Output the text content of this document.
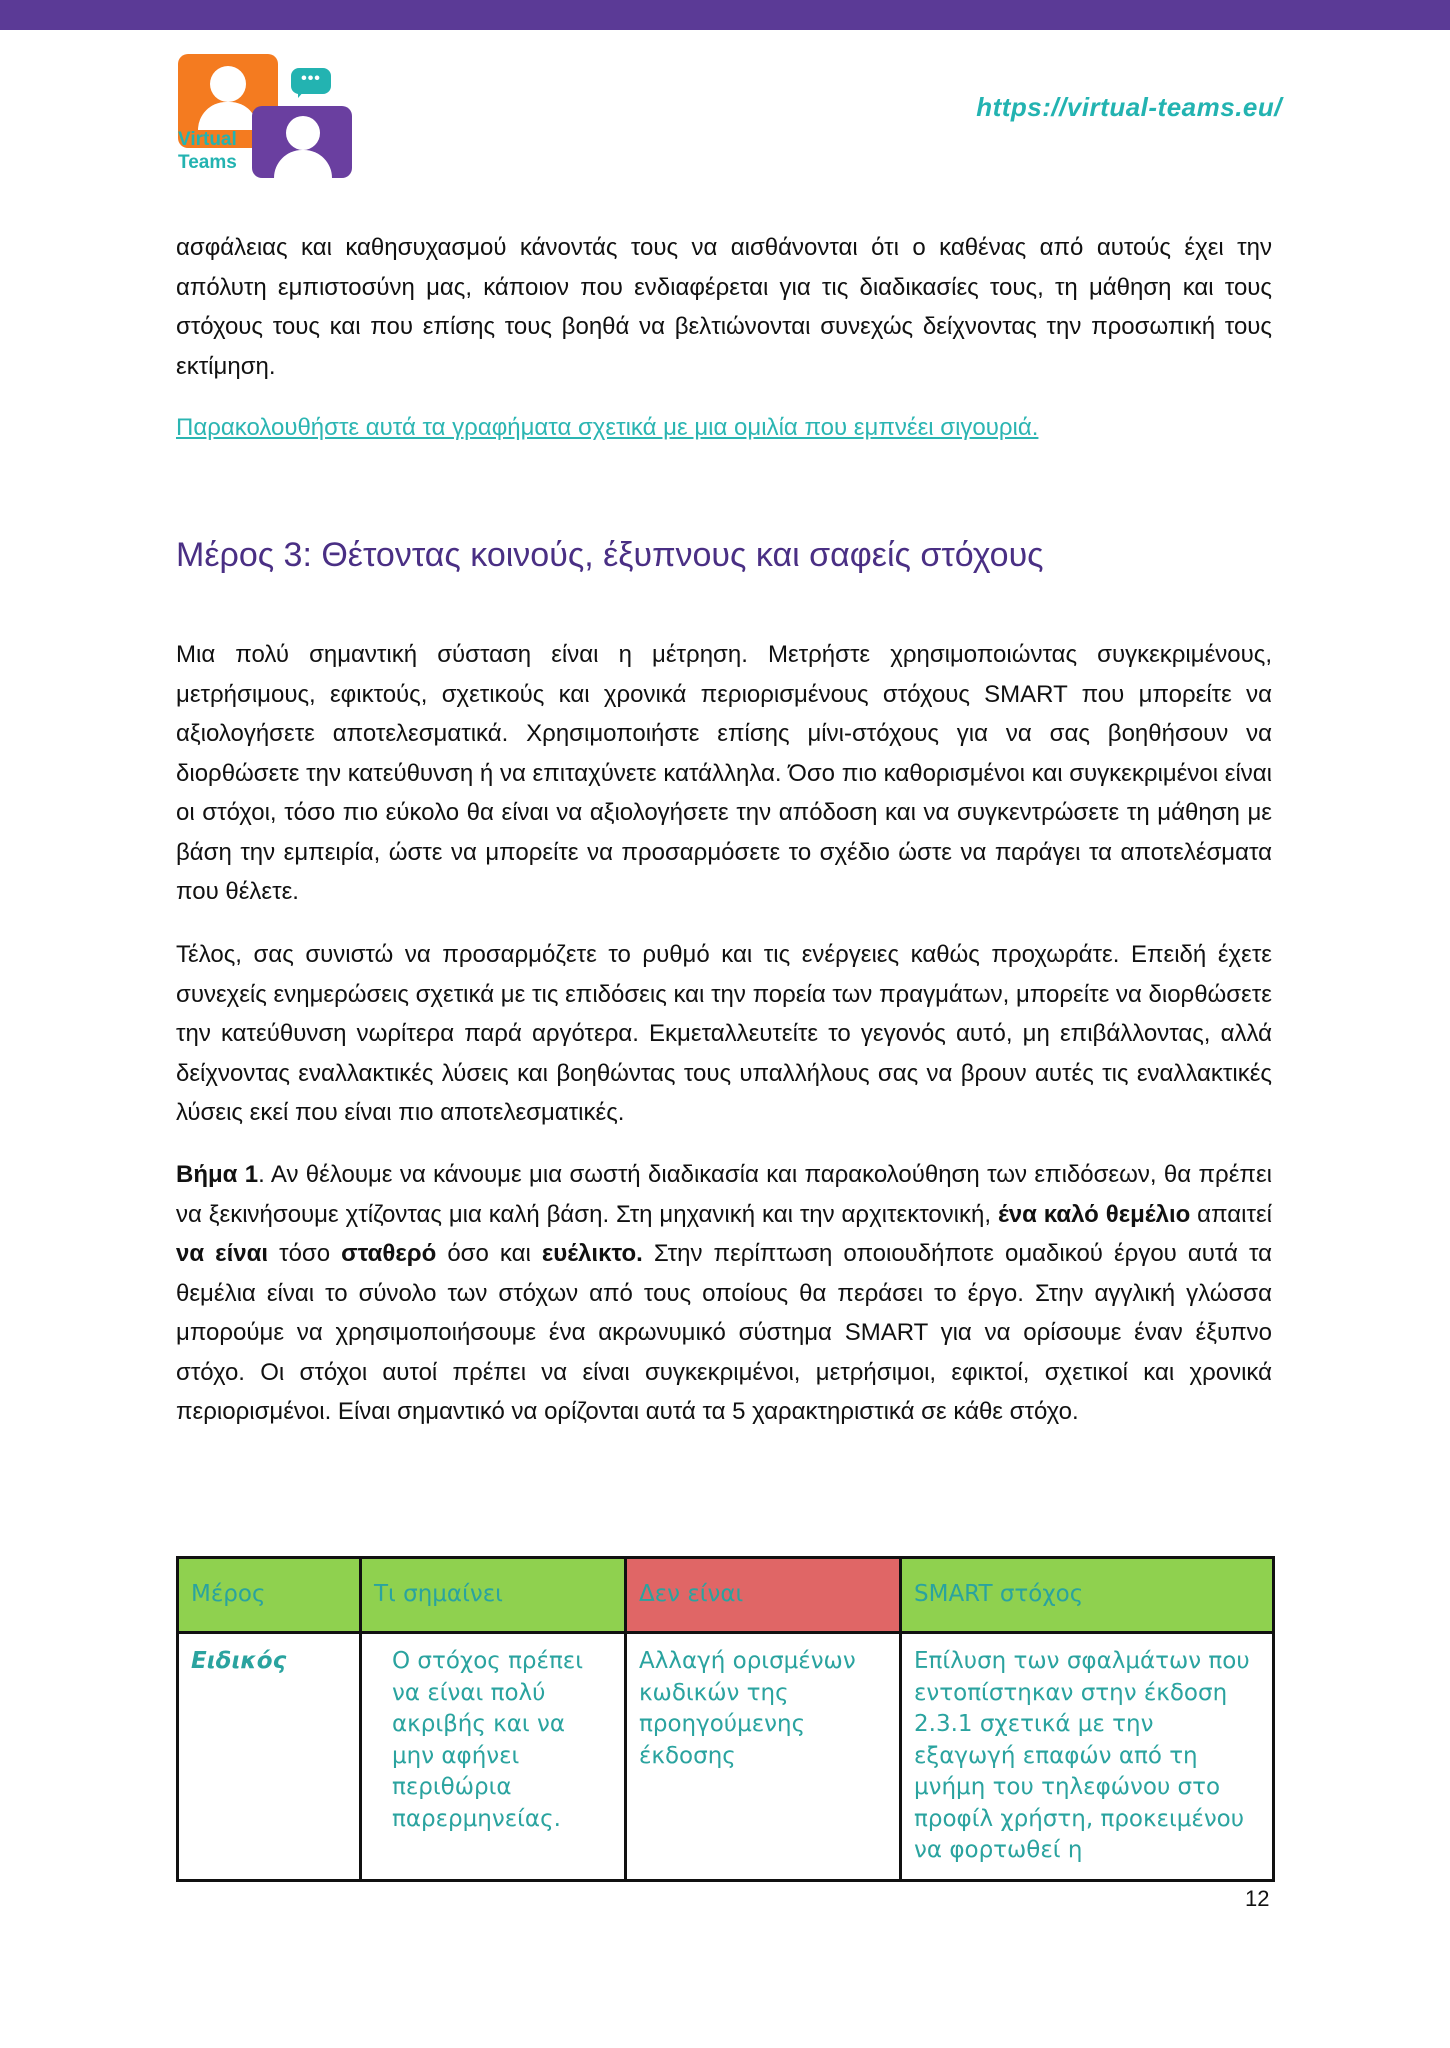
•••
Virtual
Teams
https://virtual-teams.eu/

ασφάλειας και καθησυχασμού κάνοντάς τους να αισθάνονται ότι ο καθένας από αυτούς έχει την απόλυτη εμπιστοσύνη μας, κάποιον που ενδιαφέρεται για τις διαδικασίες τους, τη μάθηση και τους στόχους τους και που επίσης τους βοηθά να βελτιώνονται συνεχώς δείχνοντας την προσωπική τους εκτίμηση.

Παρακολουθήστε αυτά τα γραφήματα σχετικά με μια ομιλία που εμπνέει σιγουριά.
Μέρος 3: Θέτοντας κοινούς, έξυπνους και σαφείς στόχους

Μια πολύ σημαντική σύσταση είναι η μέτρηση. Μετρήστε χρησιμοποιώντας συγκεκριμένους, μετρήσιμους, εφικτούς, σχετικούς και χρονικά περιορισμένους στόχους SMART που μπορείτε να αξιολογήσετε αποτελεσματικά. Χρησιμοποιήστε επίσης μίνι-στόχους για να σας βοηθήσουν να διορθώσετε την κατεύθυνση ή να επιταχύνετε κατάλληλα. Όσο πιο καθορισμένοι και συγκεκριμένοι είναι οι στόχοι, τόσο πιο εύκολο θα είναι να αξιολογήσετε την απόδοση και να συγκεντρώσετε τη μάθηση με βάση την εμπειρία, ώστε να μπορείτε να προσαρμόσετε το σχέδιο ώστε να παράγει τα αποτελέσματα που θέλετε.

Τέλος, σας συνιστώ να προσαρμόζετε το ρυθμό και τις ενέργειες καθώς προχωράτε. Επειδή έχετε συνεχείς ενημερώσεις σχετικά με τις επιδόσεις και την πορεία των πραγμάτων, μπορείτε να διορθώσετε την κατεύθυνση νωρίτερα παρά αργότερα. Εκμεταλλευτείτε το γεγονός αυτό, μη επιβάλλοντας, αλλά δείχνοντας εναλλακτικές λύσεις και βοηθώντας τους υπαλλήλους σας να βρουν αυτές τις εναλλακτικές λύσεις εκεί που είναι πιο αποτελεσματικές.

Βήμα 1. Αν θέλουμε να κάνουμε μια σωστή διαδικασία και παρακολούθηση των επιδόσεων, θα πρέπει να ξεκινήσουμε χτίζοντας μια καλή βάση. Στη μηχανική και την αρχιτεκτονική, ένα καλό θεμέλιο απαιτεί να είναι τόσο σταθερό όσο και ευέλικτο. Στην περίπτωση οποιουδήποτε ομαδικού έργου αυτά τα θεμέλια είναι το σύνολο των στόχων από τους οποίους θα περάσει το έργο. Στην αγγλική γλώσσα μπορούμε να χρησιμοποιήσουμε ένα ακρωνυμικό σύστημα SMART για να ορίσουμε έναν έξυπνο στόχο. Οι στόχοι αυτοί πρέπει να είναι συγκεκριμένοι, μετρήσιμοι, εφικτοί, σχετικοί και χρονικά περιορισμένοι. Είναι σημαντικό να ορίζονται αυτά τα 5 χαρακτηριστικά σε κάθε στόχο.

Μέρος	Τι σημαίνει	Δεν είναι	SMART στόχος
Ειδικός	Ο στόχος πρέπει να είναι πολύ ακριβής και να μην αφήνει περιθώρια παρερμηνείας.	Αλλαγή ορισμένων κωδικών της προηγούμενης έκδοσης	Επίλυση των σφαλμάτων που εντοπίστηκαν στην έκδοση 2.3.1 σχετικά με την εξαγωγή επαφών από τη μνήμη του τηλεφώνου στο προφίλ χρήστη, προκειμένου να φορτωθεί η
12
